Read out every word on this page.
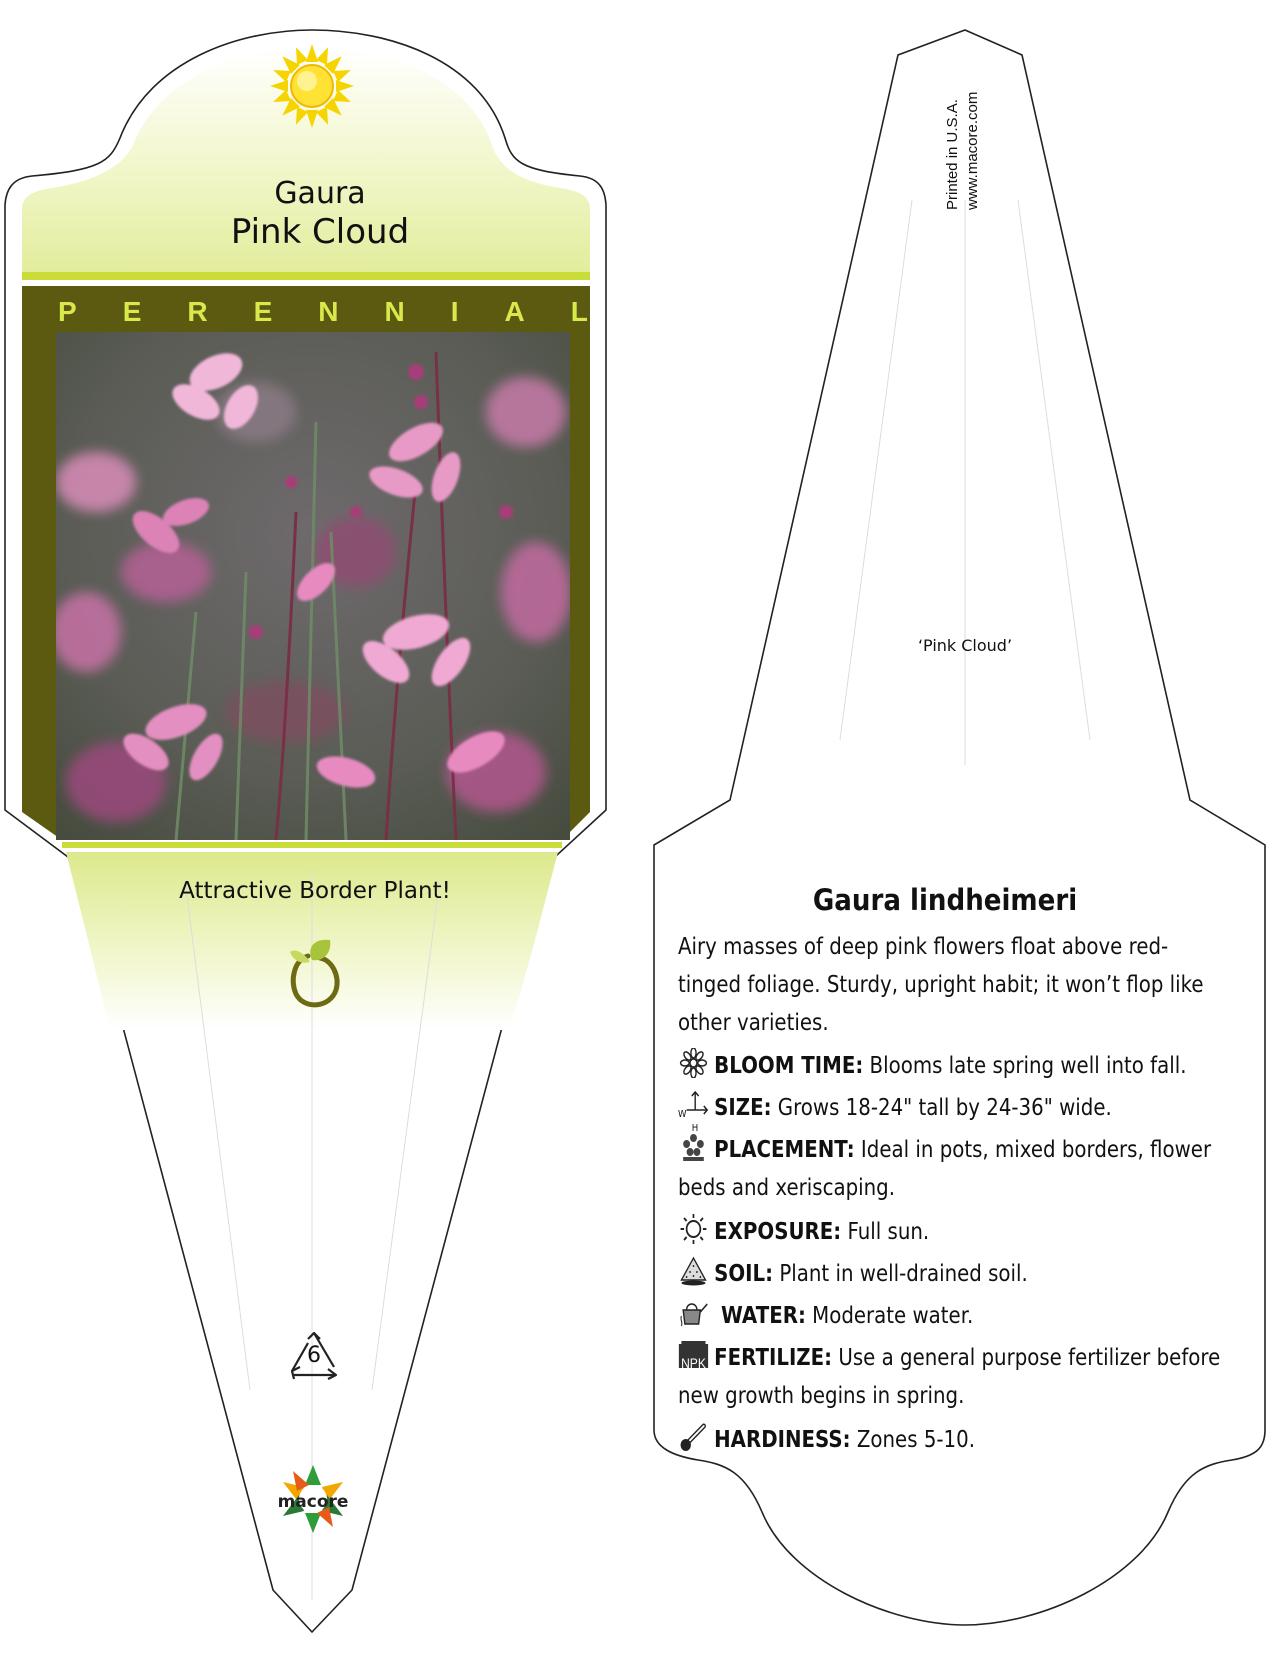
Gaura
Pink Cloud
P E R E N N I A L
Attractive Border Plant!
6
macore
Printed in U.S.A. www.macore.com
‘Pink Cloud’
Gaura lindheimeri
Airy masses of deep pink flowers float above red-tinged foliage. Sturdy, upright habit; it won’t flop like other varieties.
BLOOM TIME: Blooms late spring well into fall.
W
H
SIZE: Grows 18-24" tall by 24-36" wide.
PLACEMENT: Ideal in pots, mixed borders, flower beds and xeriscaping.
EXPOSURE: Full sun.
SOIL: Plant in well-drained soil.
WATER: Moderate water.
NPK FERTILIZE: Use a general purpose fertilizer before new growth begins in spring.
HARDINESS: Zones 5-10.
